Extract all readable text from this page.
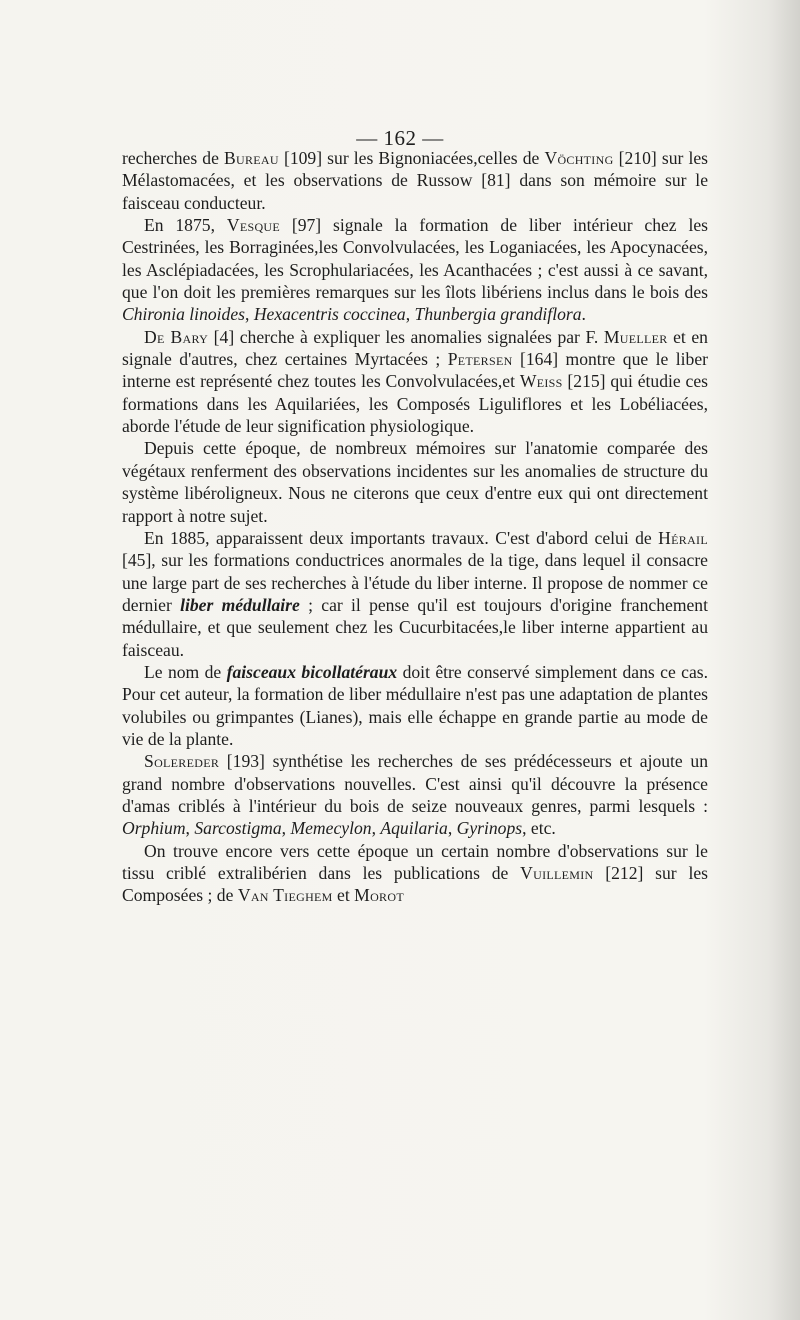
— 162 —

recherches de Bureau [109] sur les Bignoniacées,celles de Vöchting [210] sur les Mélastomacées, et les observations de Russow [81] dans son mémoire sur le faisceau conducteur.

En 1875, Vesque [97] signale la formation de liber intérieur chez les Cestrinées, les Borraginées,les Convolvulacées, les Loganiacées, les Apocynacées, les Asclépiadacées, les Scrophulariacées, les Acanthacées ; c'est aussi à ce savant, que l'on doit les premières remarques sur les îlots libériens inclus dans le bois des Chironia linoides, Hexacentris coccinea, Thunbergia grandiflora.

De Bary [4] cherche à expliquer les anomalies signalées par F. Mueller et en signale d'autres, chez certaines Myrtacées ; Petersen [164] montre que le liber interne est représenté chez toutes les Convolvulacées,et Weiss [215] qui étudie ces formations dans les Aquilariées, les Composés Liguliflores et les Lobéliacées, aborde l'étude de leur signification physiologique.

Depuis cette époque, de nombreux mémoires sur l'anatomie comparée des végétaux renferment des observations incidentes sur les anomalies de structure du système libéroligneux. Nous ne citerons que ceux d'entre eux qui ont directement rapport à notre sujet.

En 1885, apparaissent deux importants travaux. C'est d'abord celui de Hérail [45], sur les formations conductrices anormales de la tige, dans lequel il consacre une large part de ses recherches à l'étude du liber interne. Il propose de nommer ce dernier liber médullaire ; car il pense qu'il est toujours d'origine franchement médullaire, et que seulement chez les Cucurbitacées,le liber interne appartient au faisceau.

Le nom de faisceaux bicollatéraux doit être conservé simplement dans ce cas. Pour cet auteur, la formation de liber médullaire n'est pas une adaptation de plantes volubiles ou grimpantes (Lianes), mais elle échappe en grande partie au mode de vie de la plante.

Solereder [193] synthétise les recherches de ses prédécesseurs et ajoute un grand nombre d'observations nouvelles. C'est ainsi qu'il découvre la présence d'amas criblés à l'intérieur du bois de seize nouveaux genres, parmi lesquels : Orphium, Sarcostigma, Memecylon, Aquilaria, Gyrinops, etc.

On trouve encore vers cette époque un certain nombre d'observations sur le tissu criblé extralibérien dans les publications de Vuillemin [212] sur les Composées ; de Van Tieghem et Morot
